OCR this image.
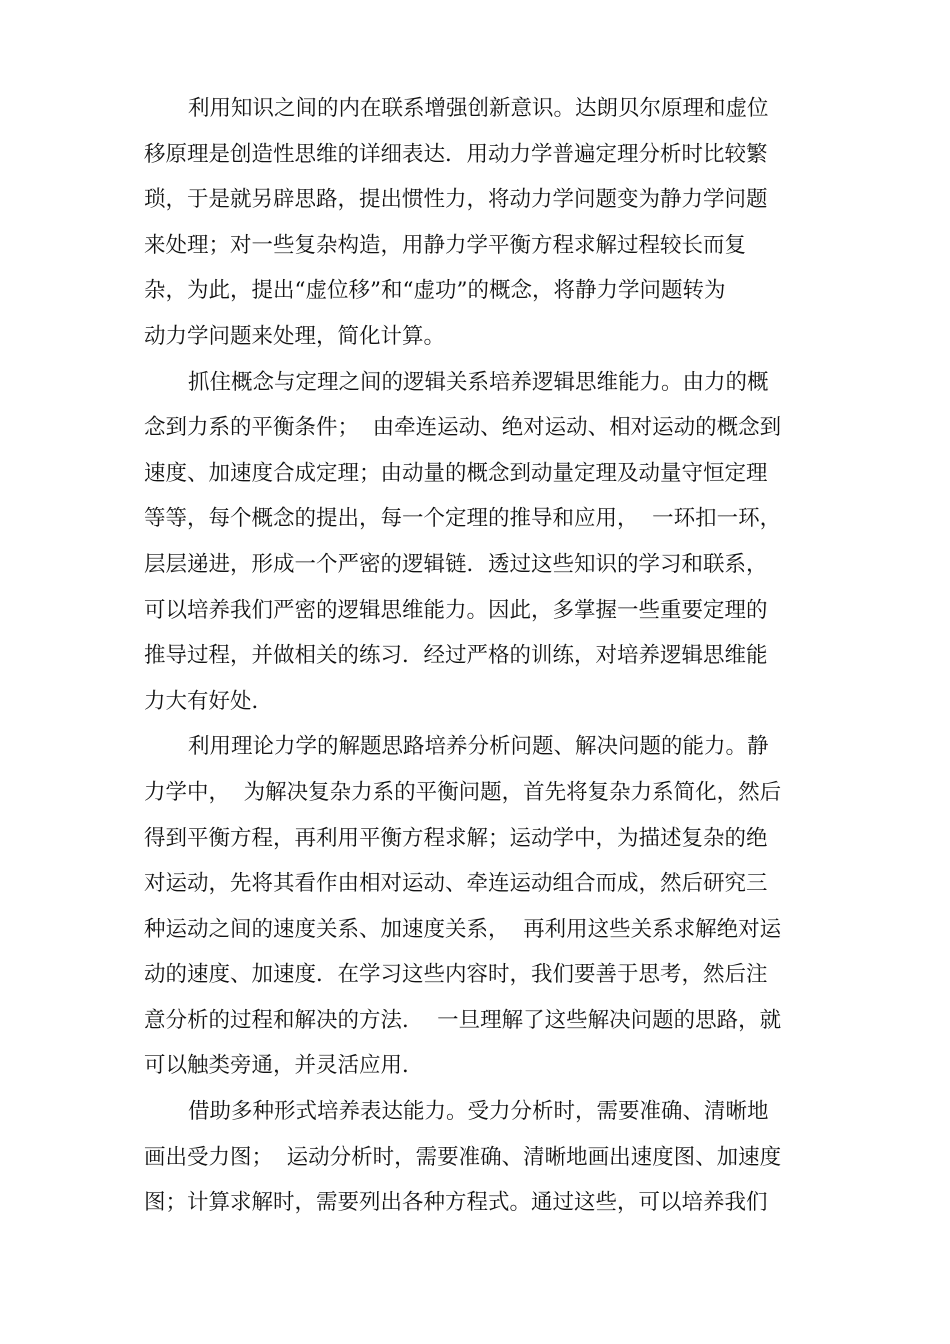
利用知识之间的内在联系增强创新意识。达朗贝尔原理和虚位
移原理是创造性思维的详细表达．用动力学普遍定理分析时比较繁
琐，于是就另辟思路，提出惯性力，将动力学问题变为静力学问题
来处理；对一些复杂构造，用静力学平衡方程求解过程较长而复
杂，为此，提出“虚位移”和“虚功”的概念，将静力学问题转为
动力学问题来处理，简化计算。
抓住概念与定理之间的逻辑关系培养逻辑思维能力。由力的概
念到力系的平衡条件；  由牵连运动、绝对运动、相对运动的概念到
速度、加速度合成定理；由动量的概念到动量定理及动量守恒定理
等等，每个概念的提出，每一个定理的推导和应用，  一环扣一环，
层层递进，形成一个严密的逻辑链．透过这些知识的学习和联系，
可以培养我们严密的逻辑思维能力。因此，多掌握一些重要定理的
推导过程，并做相关的练习．经过严格的训练，对培养逻辑思维能
力大有好处．
利用理论力学的解题思路培养分析问题、解决问题的能力。静
力学中，  为解决复杂力系的平衡问题，首先将复杂力系简化，然后
得到平衡方程，再利用平衡方程求解；运动学中，为描述复杂的绝
对运动，先将其看作由相对运动、牵连运动组合而成，然后研究三
种运动之间的速度关系、加速度关系，  再利用这些关系求解绝对运
动的速度、加速度．在学习这些内容时，我们要善于思考，然后注
意分析的过程和解决的方法．  一旦理解了这些解决问题的思路，就
可以触类旁通，并灵活应用．
借助多种形式培养表达能力。受力分析时，需要准确、清晰地
画出受力图；  运动分析时，需要准确、清晰地画出速度图、加速度
图；计算求解时，需要列出各种方程式。通过这些，可以培养我们
